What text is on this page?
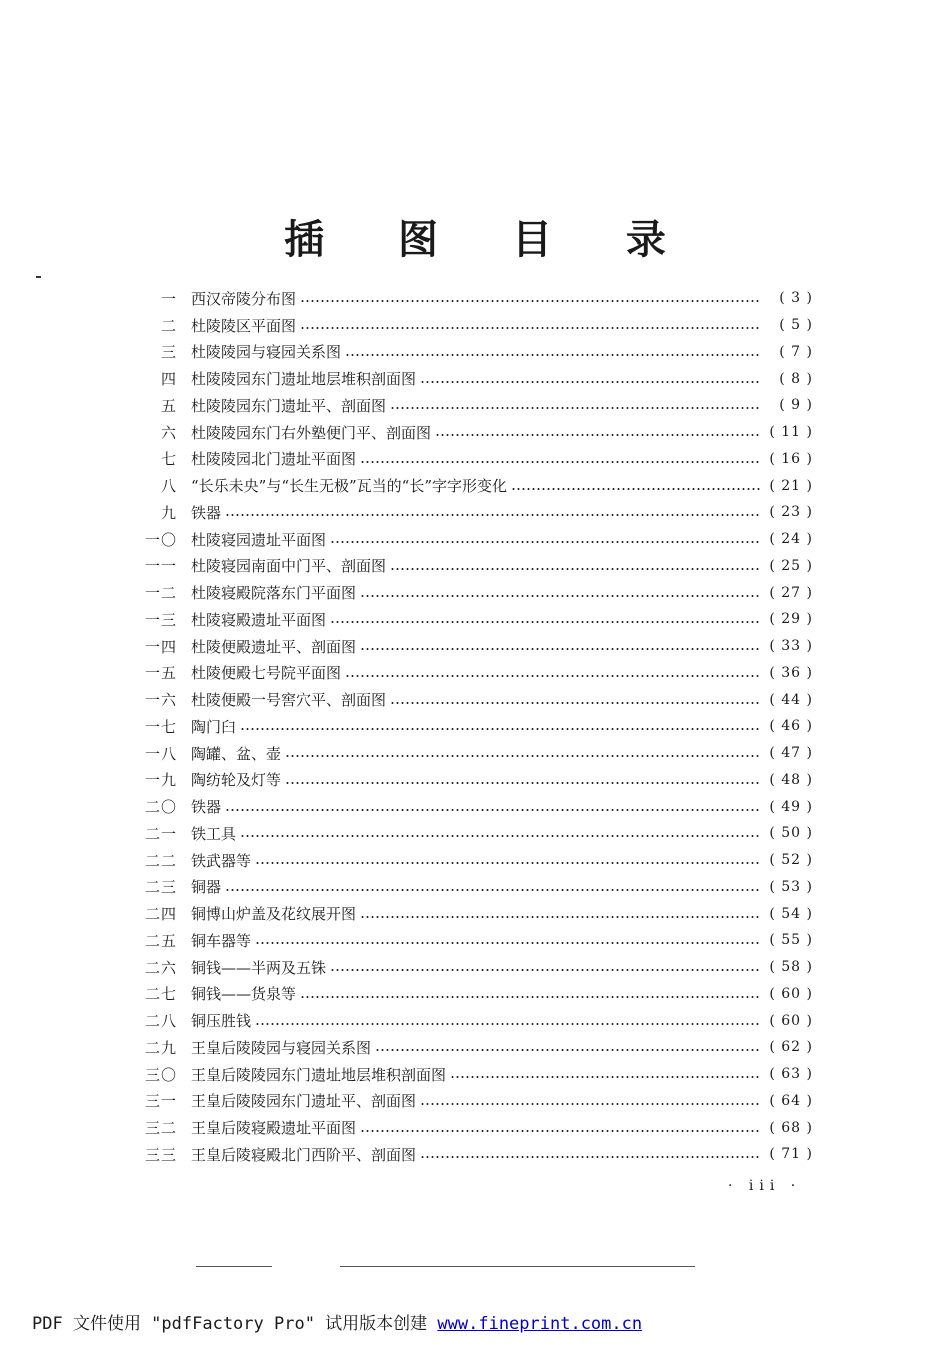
插 图 目 录
一 西汉帝陵分布图	( 3 )
二 杜陵陵区平面图	( 5 )
三 杜陵陵园与寝园关系图	( 7 )
四 杜陵陵园东门遗址地层堆积剖面图	( 8 )
五 杜陵陵园东门遗址平、剖面图	( 9 )
六 杜陵陵园东门右外塾便门平、剖面图	( 11 )
七 杜陵陵园北门遗址平面图	( 16 )
八 “长乐未央”与“长生无极”瓦当的“长”字字形变化	( 21 )
九 铁器	( 23 )
一〇 杜陵寝园遗址平面图	( 24 )
一一 杜陵寝园南面中门平、剖面图	( 25 )
一二 杜陵寝殿院落东门平面图	( 27 )
一三 杜陵寝殿遗址平面图	( 29 )
一四 杜陵便殿遗址平、剖面图	( 33 )
一五 杜陵便殿七号院平面图	( 36 )
一六 杜陵便殿一号窖穴平、剖面图	( 44 )
一七 陶门臼	( 46 )
一八 陶罐、盆、壶	( 47 )
一九 陶纺轮及灯等	( 48 )
二〇 铁器	( 49 )
二一 铁工具	( 50 )
二二 铁武器等	( 52 )
二三 铜器	( 53 )
二四 铜博山炉盖及花纹展开图	( 54 )
二五 铜车器等	( 55 )
二六 铜钱——半两及五铢	( 58 )
二七 铜钱——货泉等	( 60 )
二八 铜压胜钱	( 60 )
二九 王皇后陵陵园与寝园关系图	( 62 )
三〇 王皇后陵陵园东门遗址地层堆积剖面图	( 63 )
三一 王皇后陵陵园东门遗址平、剖面图	( 64 )
三二 王皇后陵寝殿遗址平面图	( 68 )
三三 王皇后陵寝殿北门西阶平、剖面图	( 71 )
· iii ·
PDF 文件使用 "pdfFactory Pro" 试用版本创建 www.fineprint.com.cn
